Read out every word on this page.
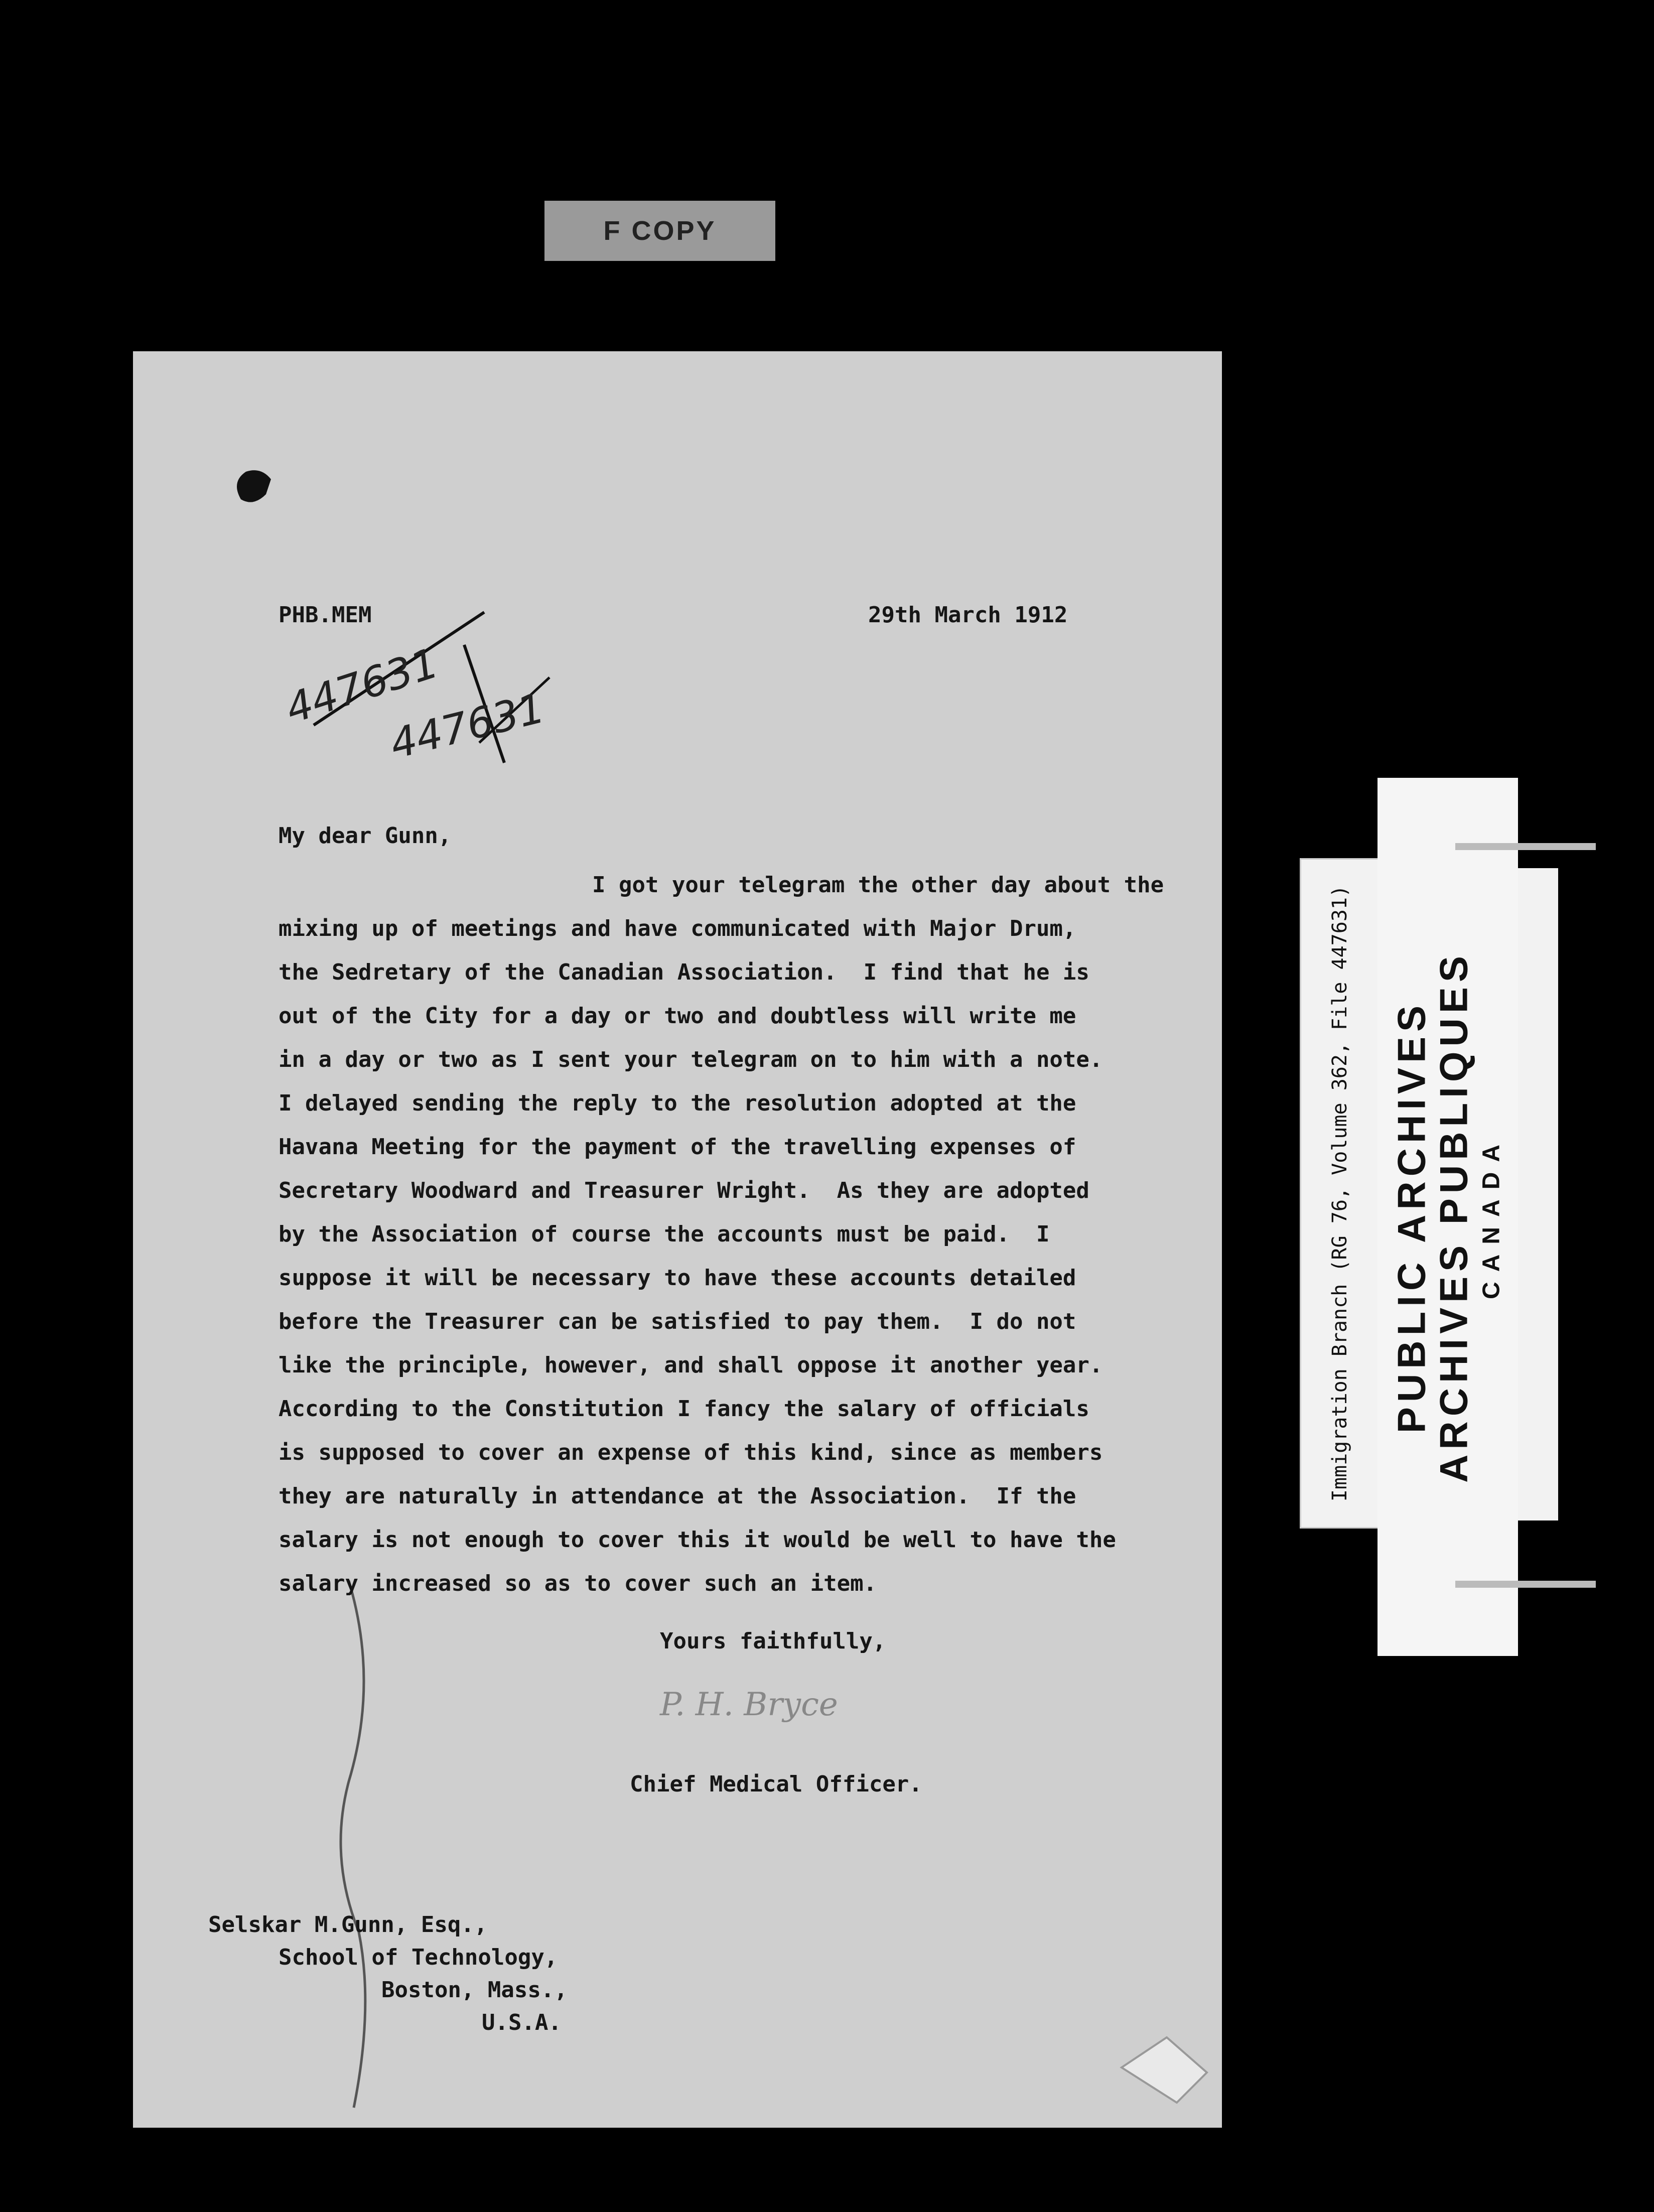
F COPY
PHB.MEM	29th March 1912
447631
447631
My dear Gunn,
I got your telegram the other day about the
mixing up of meetings and have communicated with Major Drum,
the Sedretary of the Canadian Association.  I find that he is
out of the City for a day or two and doubtless will write me
in a day or two as I sent your telegram on to him with a note.
I delayed sending the reply to the resolution adopted at the
Havana Meeting for the payment of the travelling expenses of
Secretary Woodward and Treasurer Wright.  As they are adopted
by the Association of course the accounts must be paid.  I
suppose it will be necessary to have these accounts detailed
before the Treasurer can be satisfied to pay them.  I do not
like the principle, however, and shall oppose it another year.
According to the Constitution I fancy the salary of officials
is supposed to cover an expense of this kind, since as members
they are naturally in attendance at the Association.  If the
salary is not enough to cover this it would be well to have the
salary increased so as to cover such an item.
Yours faithfully,
P. H. Bryce
Chief Medical Officer.
Selskar M.Gunn, Esq.,
School of Technology,
Boston, Mass.,
U.S.A.
Immigration Branch (RG 76, Volume 362, File 447631) PUBLIC ARCHIVES
ARCHIVES PUBLIQUES CANADA
